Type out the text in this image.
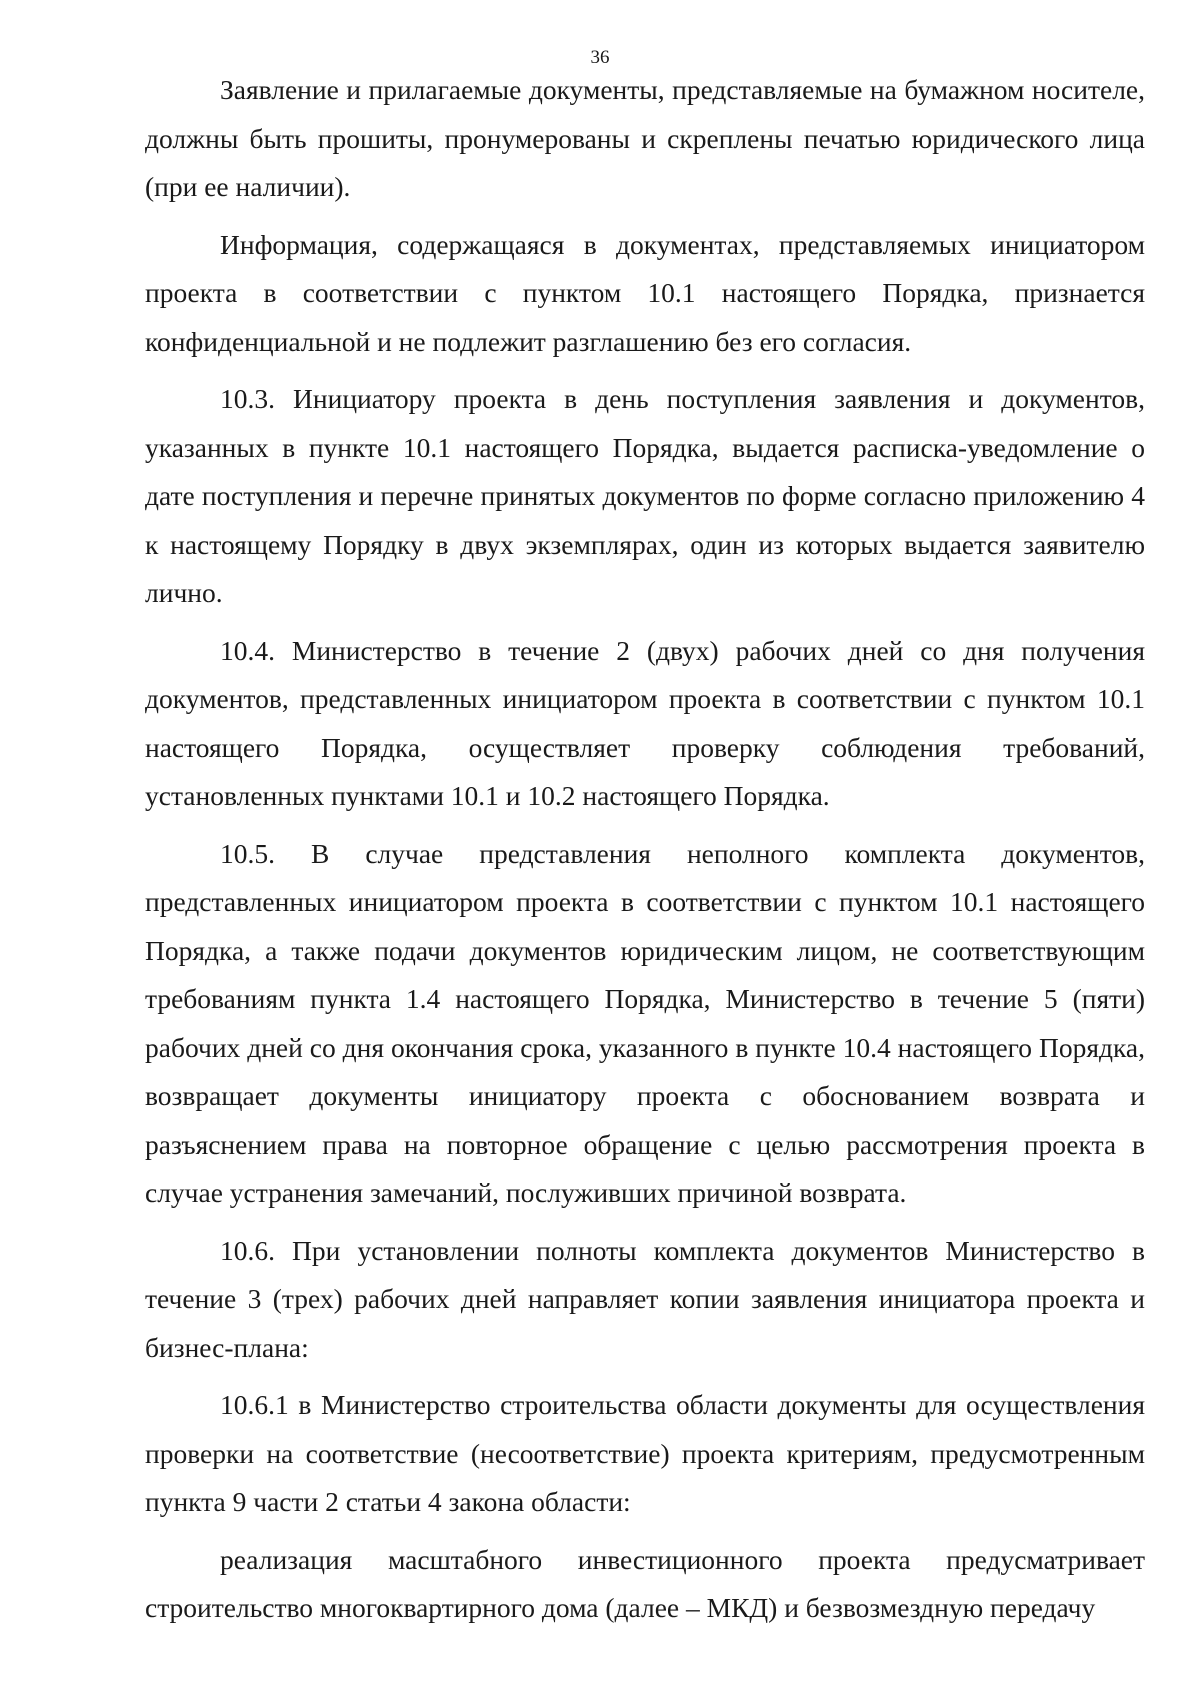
36

Заявление и прилагаемые документы, представляемые на бумажном носителе, должны быть прошиты, пронумерованы и скреплены печатью юридического лица (при ее наличии).

Информация, содержащаяся в документах, представляемых инициатором проекта в соответствии с пунктом 10.1 настоящего Порядка, признается конфиденциальной и не подлежит разглашению без его согласия.

10.3. Инициатору проекта в день поступления заявления и документов, указанных в пункте 10.1 настоящего Порядка, выдается расписка-уведомление о дате поступления и перечне принятых документов по форме согласно приложению 4 к настоящему Порядку в двух экземплярах, один из которых выдается заявителю лично.

10.4. Министерство в течение 2 (двух) рабочих дней со дня получения документов, представленных инициатором проекта в соответствии с пунктом 10.1 настоящего Порядка, осуществляет проверку соблюдения требований, установленных пунктами 10.1 и 10.2 настоящего Порядка.

10.5. В случае представления неполного комплекта документов, представленных инициатором проекта в соответствии с пунктом 10.1 настоящего Порядка, а также подачи документов юридическим лицом, не соответствующим требованиям пункта 1.4 настоящего Порядка, Министерство в течение 5 (пяти) рабочих дней со дня окончания срока, указанного в пункте 10.4 настоящего Порядка, возвращает документы инициатору проекта с обоснованием возврата и разъяснением права на повторное обращение с целью рассмотрения проекта в случае устранения замечаний, послуживших причиной возврата.

10.6. При установлении полноты комплекта документов Министерство в течение 3 (трех) рабочих дней направляет копии заявления инициатора проекта и бизнес-плана:

10.6.1 в Министерство строительства области документы для осуществления проверки на соответствие (несоответствие) проекта критериям, предусмотренным пункта 9 части 2 статьи 4 закона области:

реализация масштабного инвестиционного проекта предусматривает строительство многоквартирного дома (далее – МКД) и безвозмездную передачу
